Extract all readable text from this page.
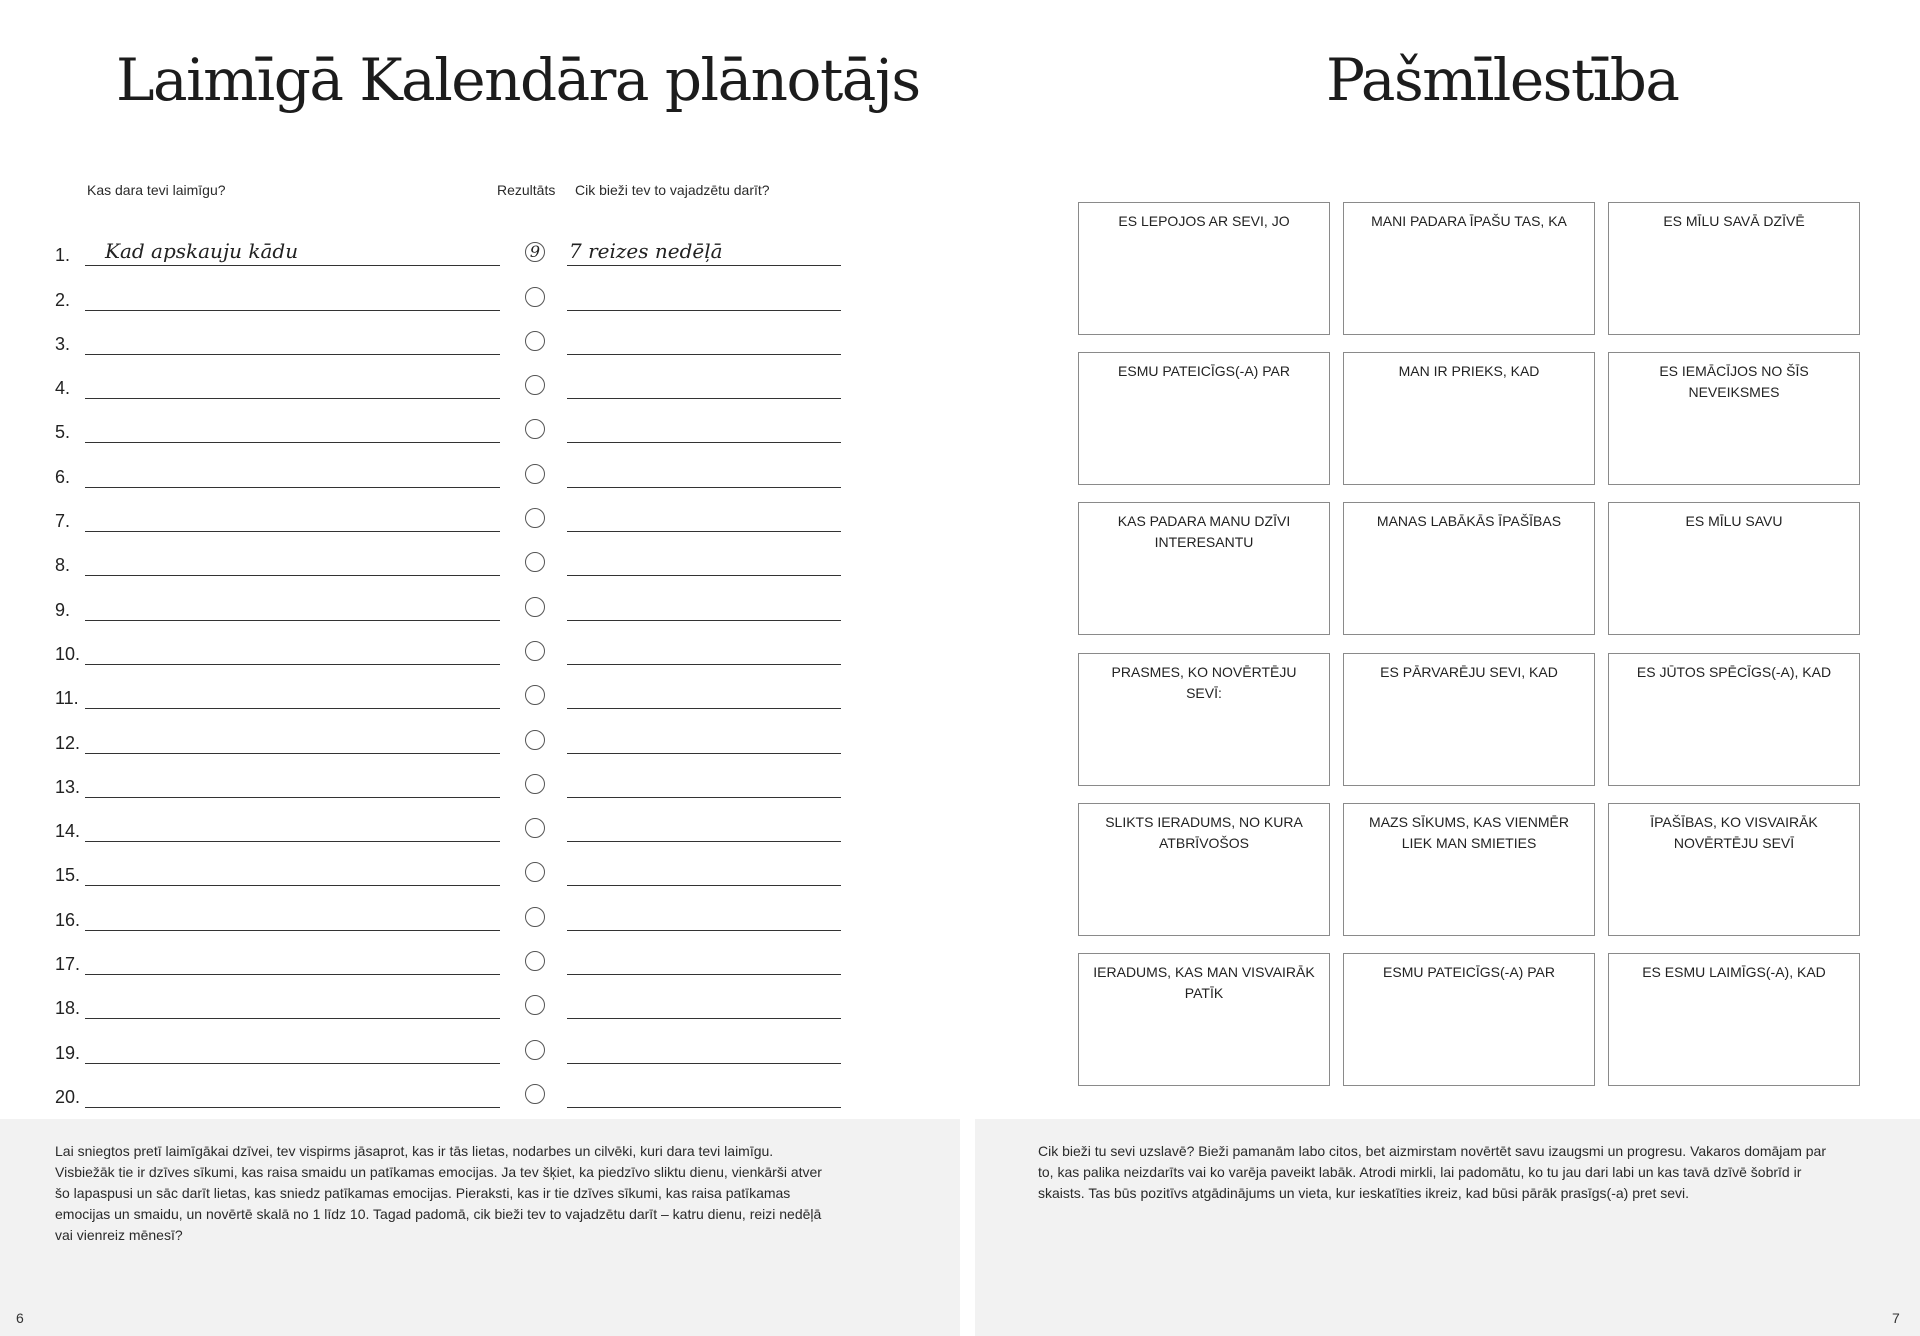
Laimīgā Kalendāra plānotājs
Kas dara tevi laimīgu?	Rezultāts Cik bieži tev to vajadzētu darīt?
1. Kad apskauju kādu	9 7 reizes nedēļā
2.
3.
4.
5.
6.
7.
8.
9.
10.
11.
12.
13.
14.
15.
16.
17.
18.
19.
20.

Lai sniegtos pretī laimīgākai dzīvei, tev vispirms jāsaprot, kas ir tās lietas, nodarbes un cilvēki, kuri dara tevi laimīgu. Visbiežāk tie ir dzīves sīkumi, kas raisa smaidu un patīkamas emocijas. Ja tev šķiet, ka piedzīvo sliktu dienu, vienkārši atver šo lapaspusi un sāc darīt lietas, kas sniedz patīkamas emocijas. Pieraksti, kas ir tie dzīves sīkumi, kas raisa patīkamas emocijas un smaidu, un novērtē skalā no 1 līdz 10. Tagad padomā, cik bieži tev to vajadzētu darīt – katru dienu, reizi nedēļā vai vienreiz mēnesī?

6
Pašmīlestība
ES LEPOJOS AR SEVI, JO	MANI PADARA ĪPAŠU TAS, KA	ES MĪLU SAVĀ DZĪVĒ
ESMU PATEICĪGS(-A) PAR	MAN IR PRIEKS, KAD	ES IEMĀCĪJOS NO ŠĪS NEVEIKSMES
KAS PADARA MANU DZĪVI INTERESANTU
MANAS LABĀKĀS ĪPAŠĪBAS	ES MĪLU SAVU
PRASMES, KO NOVĒRTĒJU SEVĪ:
ES PĀRVARĒJU SEVI, KAD	ES JŪTOS SPĒCĪGS(-A), KAD
SLIKTS IERADUMS, NO KURA ATBRĪVOŠOS
MAZS SĪKUMS, KAS VIENMĒR LIEK MAN SMIETIES
ĪPAŠĪBAS, KO VISVAIRĀK NOVĒRTĒJU SEVĪ
IERADUMS, KAS MAN VISVAIRĀK PATĪK
ESMU PATEICĪGS(-A) PAR	ES ESMU LAIMĪGS(-A), KAD

Cik bieži tu sevi uzslavē? Bieži pamanām labo citos, bet aizmirstam novērtēt savu izaugsmi un progresu. Vakaros domājam par to, kas palika neizdarīts vai ko varēja paveikt labāk. Atrodi mirkli, lai padomātu, ko tu jau dari labi un kas tavā dzīvē šobrīd ir skaists. Tas būs pozitīvs atgādinājums un vieta, kur ieskatīties ikreiz, kad būsi pārāk prasīgs(-a) pret sevi.

7
